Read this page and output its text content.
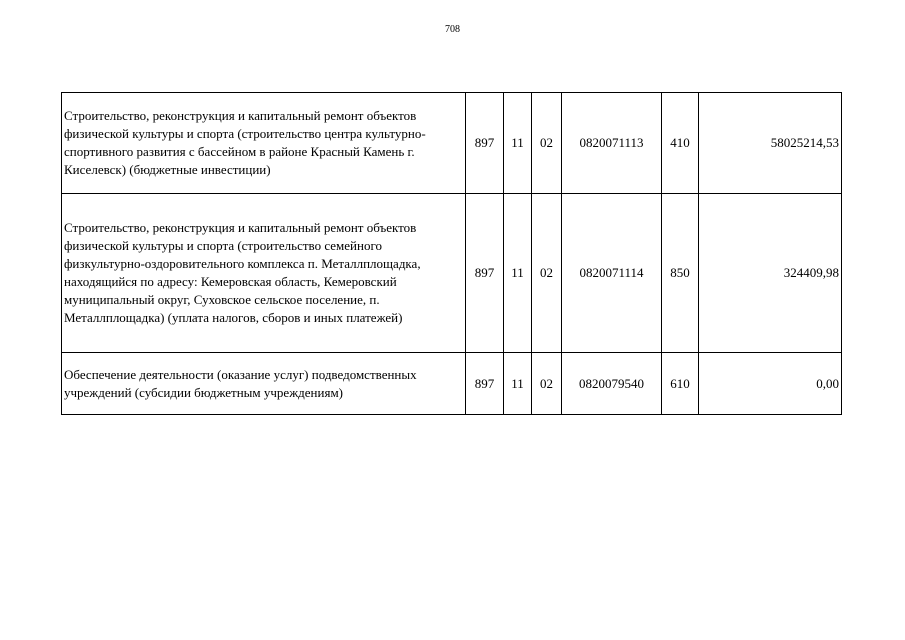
708
Строительство, реконструкция и капитальный ремонт объектов физической культуры и спорта (строительство центра культурно-спортивного развития с бассейном в районе Красный Камень г. Киселевск) (бюджетные инвестиции)	897	11	02	0820071113	410	58025214,53
Строительство, реконструкция и капитальный ремонт объектов физической культуры и спорта (строительство семейного физкультурно-оздоровительного комплекса п. Металлплощадка, находящийся по адресу: Кемеровская область, Кемеровский муниципальный округ, Суховское сельское поселение, п. Металлплощадка) (уплата налогов, сборов и иных платежей)	897	11	02	0820071114	850	324409,98
Обеспечение деятельности (оказание услуг) подведомственных учреждений (субсидии бюджетным учреждениям)	897	11	02	0820079540	610	0,00
